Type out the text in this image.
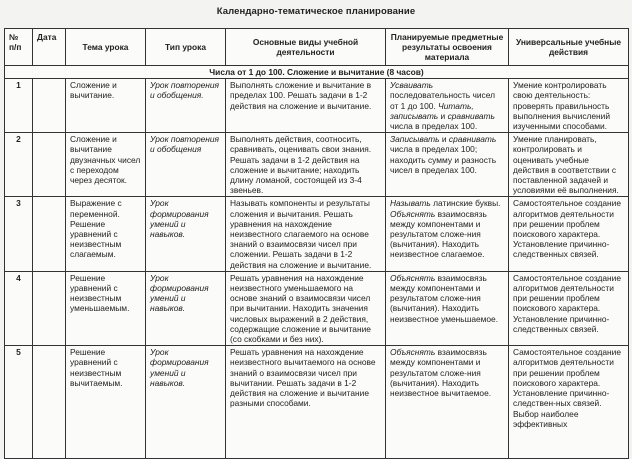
Календарно-тематическое планирование
№ п/п	Дата	Тема урока	Тип урока	Основные виды учебной деятельности	Планируемые предметные результаты освоения материала	Универсальные учебные действия
Числа от 1 до 100. Сложение и вычитание (8 часов)						
1		Сложение и вычитание.	Урок повторения и обобщения.	Выполнять сложение и вычитание в пределах 100. Решать задачи в 1-2 действия на сложение и вычитание.	Усваивать последовательность чисел от 1 до 100. Читать, записывать и сравнивать числа в пределах 100.	Умение контролировать свою деятельность: проверять правильность выполнения вычислений изученными способами.
2		Сложение и вычитание двузначных чисел с переходом через десяток.	Урок повторения и обобщения	Выполнять действия, соотносить, сравнивать, оценивать свои знания. Решать задачи в 1-2 действия на сложение и вычитание; находить длину ломаной, состоящей из 3-4 звеньев.	Записывать и сравнивать числа в пределах 100; находить сумму и разность чисел в пределах 100.	Умение планировать, контролировать и оценивать учебные действия в соответствии с поставленной задачей и условиями её выполнения.
3		Выражение с переменной. Решение уравнений с неизвестным слагаемым.	Урок формирования умений и навыков.	Называть компоненты и результаты сложения и вычитания. Решать уравнения на нахождение неизвестного слагаемого на основе знаний о взаимосвязи чисел при сложении. Решать задачи в 1-2 действия на сложение и вычитание.	Называть латинские буквы. Объяснять взаимосвязь между компонентами и результатом сложе-ния (вычитания). Находить неизвестное слагаемое.	Самостоятельное создание алгоритмов деятельности при решении проблем поискового характера. Установление причинно-следственных связей.
4		Решение уравнений с неизвестным уменьшаемым.	Урок формирования умений и навыков.	Решать уравнения на нахождение неизвестного уменьшаемого на основе знаний о взаимосвязи чисел при вычитании. Находить значения числовых выражений в 2 действия, содержащие сложение и вычитание (со скобками и без них).	Объяснять взаимосвязь между компонентами и результатом сложе-ния (вычитания). Находить неизвестное уменьшаемое.	Самостоятельное создание алгоритмов деятельности при решении проблем поискового характера. Установление причинно-следственных связей.
5		Решение уравнений с неизвестным вычитаемым.	Урок формирования умений и навыков.	Решать уравнения на нахождение неизвестного вычитаемого на основе знаний о взаимосвязи чисел при вычитании. Решать задачи в 1-2 действия на сложение и вычитание разными способами.	Объяснять взаимосвязь между компонентами и результатом сложе-ния (вычитания). Находить неизвестное вычитаемое.	Самостоятельное создание алгоритмов деятельности при решении проблем поискового характера. Установление причинно-следствен-ных связей. Выбор наиболее эффективных
